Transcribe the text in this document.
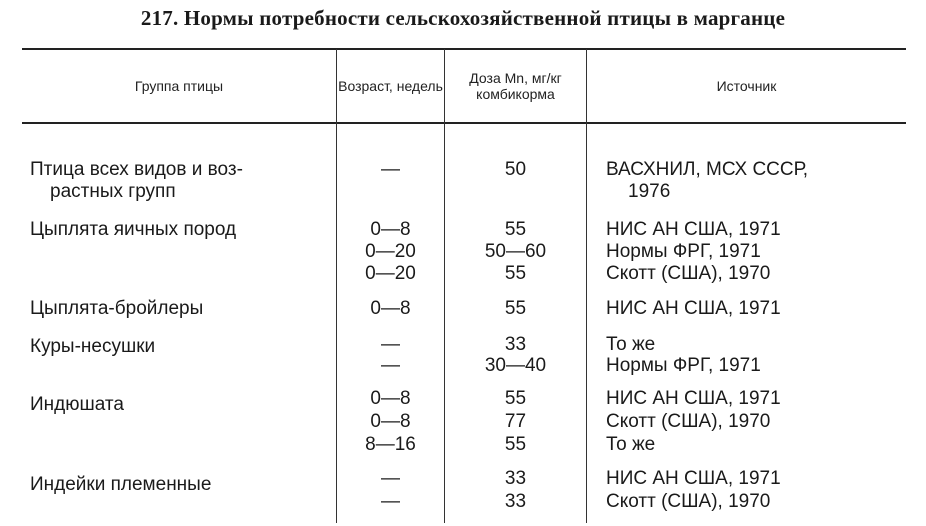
217. Нормы потребности сельскохозяйственной птицы в марганце
Группа птицы	Возраст, недель	Доза Mn, мг/кг комбикорма	Источник
Птица всех видов и воз-	—	50	ВАСХНИЛ, МСХ СССР,
растных групп	1976
Цыплята яичных пород	0—8	55	НИС АН США, 1971
0—20	50—60	Нормы ФРГ, 1971
0—20	55	Скотт (США), 1970
Цыплята-бройлеры	0—8	55	НИС АН США, 1971
Куры-несушки	—	33	То же
—	30—40	Нормы ФРГ, 1971
Индюшата	0—8	55	НИС АН США, 1971
0—8	77	Скотт (США), 1970
8—16	55	То же
Индейки племенные	—	33	НИС АН США, 1971
—	33	Скотт (США), 1970
